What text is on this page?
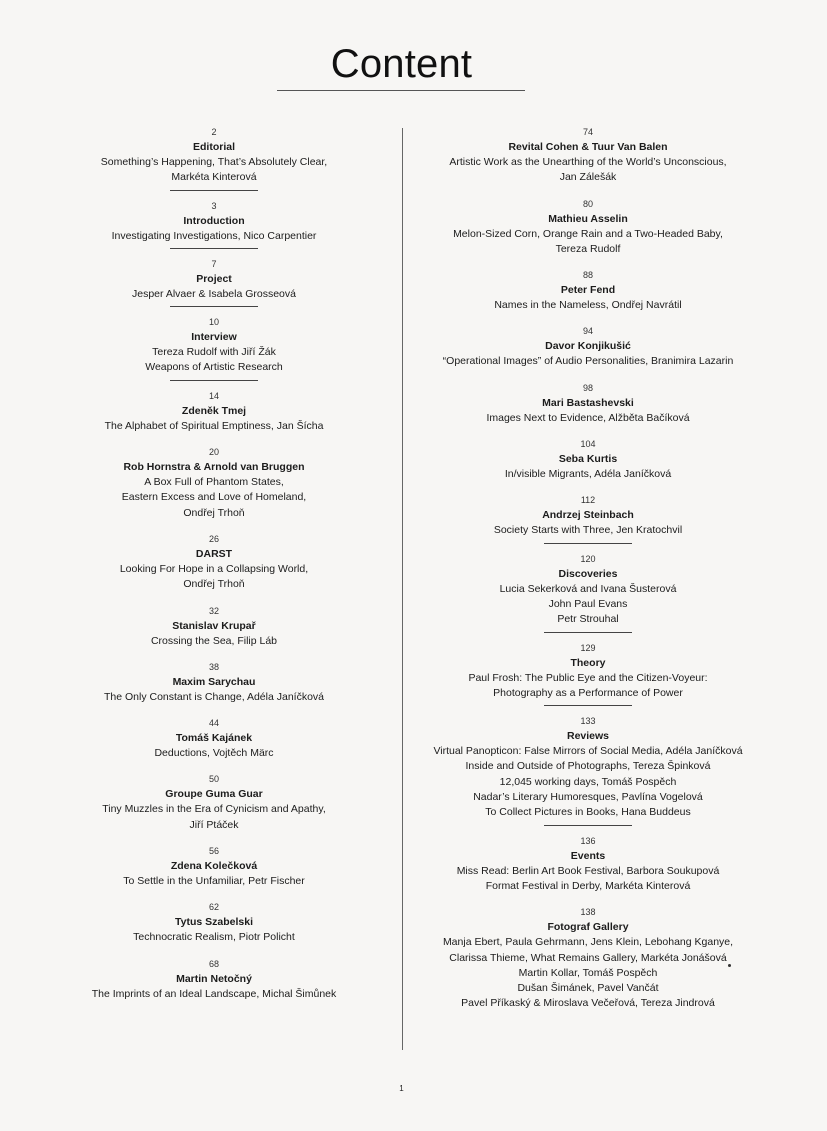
Content
2
Editorial
Something’s Happening, That’s Absolutely Clear,
Markéta Kinterová
3
Introduction
Investigating Investigations, Nico Carpentier
7
Project
Jesper Alvaer & Isabela Grosseová
10
Interview
Tereza Rudolf with Jiří Žák
Weapons of Artistic Research
14
Zdeněk Tmej
The Alphabet of Spiritual Emptiness, Jan Šícha
20
Rob Hornstra & Arnold van Bruggen
A Box Full of Phantom States,
Eastern Excess and Love of Homeland,
Ondřej Trhoň
26
DARST
Looking For Hope in a Collapsing World,
Ondřej Trhoň
32
Stanislav Krupař
Crossing the Sea, Filip Láb
38
Maxim Sarychau
The Only Constant is Change, Adéla Janíčková
44
Tomáš Kajánek
Deductions, Vojtěch Märc
50
Groupe Guma Guar
Tiny Muzzles in the Era of Cynicism and Apathy,
Jiří Ptáček
56
Zdena Kolečková
To Settle in the Unfamiliar, Petr Fischer
62
Tytus Szabelski
Technocratic Realism, Piotr Policht
68
Martin Netočný
The Imprints of an Ideal Landscape, Michal Šimůnek
74
Revital Cohen & Tuur Van Balen
Artistic Work as the Unearthing of the World’s Unconscious,
Jan Zálešák
80
Mathieu Asselin
Melon-Sized Corn, Orange Rain and a Two-Headed Baby,
Tereza Rudolf
88
Peter Fend
Names in the Nameless, Ondřej Navrátil
94
Davor Konjikušić
“Operational Images” of Audio Personalities, Branimira Lazarin
98
Mari Bastashevski
Images Next to Evidence, Alžběta Bačíková
104
Seba Kurtis
In/visible Migrants, Adéla Janíčková
112
Andrzej Steinbach
Society Starts with Three, Jen Kratochvil
120
Discoveries
Lucia Sekerková and Ivana Šusterová
John Paul Evans
Petr Strouhal
129
Theory
Paul Frosh: The Public Eye and the Citizen-Voyeur:
Photography as a Performance of Power
133
Reviews
Virtual Panopticon: False Mirrors of Social Media, Adéla Janíčková
Inside and Outside of Photographs, Tereza Špinková
12,045 working days, Tomáš Pospěch
Nadar’s Literary Humoresques, Pavlína Vogelová
To Collect Pictures in Books, Hana Buddeus
136
Events
Miss Read: Berlin Art Book Festival, Barbora Soukupová
Format Festival in Derby, Markéta Kinterová
138
Fotograf Gallery
Manja Ebert, Paula Gehrmann, Jens Klein, Lebohang Kganye,
Clarissa Thieme, What Remains Gallery, Markéta Jonášová
Martin Kollar, Tomáš Pospěch
Dušan Šimánek, Pavel Vančát
Pavel Příkaský & Miroslava Večeřová, Tereza Jindrová
1
